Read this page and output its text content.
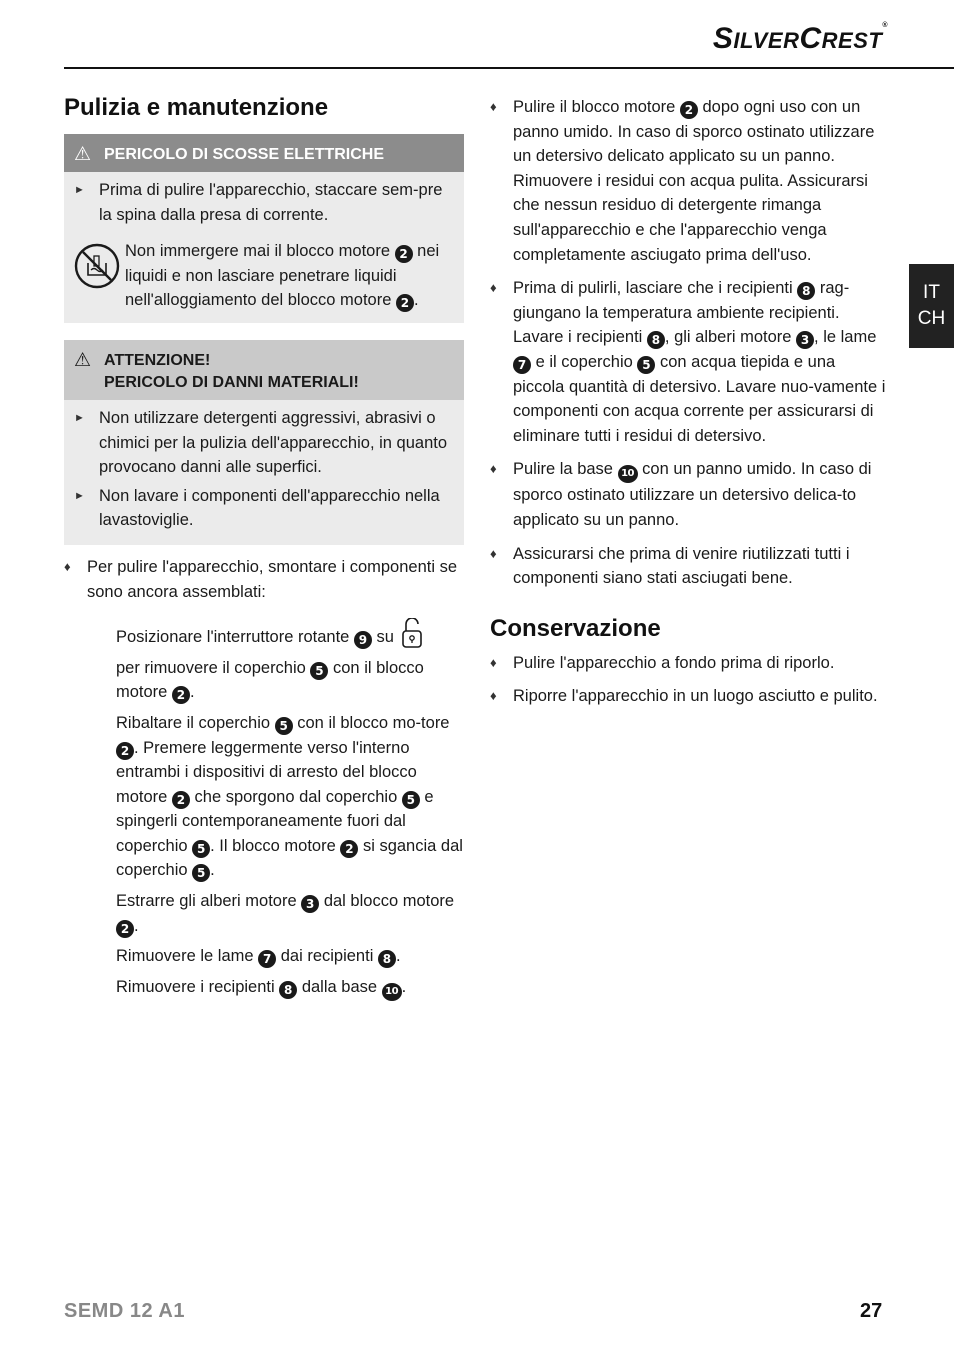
SILVERCREST®
IT
CH
Pulizia e manutenzione
⚠ PERICOLO DI SCOSSE ELETTRICHE
► Prima di pulire l'apparecchio, staccare sem-pre la spina dalla presa di corrente.
Non immergere mai il blocco motore 2 nei liquidi e non lasciare penetrare liquidi nell'alloggiamento del blocco motore 2 .
⚠ ATTENZIONE!
PERICOLO DI DANNI MATERIALI!
► Non utilizzare detergenti aggressivi, abrasivi o chimici per la pulizia dell'apparecchio, in quanto provocano danni alle superfici.
► Non lavare i componenti dell'apparecchio nella lavastoviglie.
♦ Per pulire l'apparecchio, smontare i componenti se sono ancora assemblati:

Posizionare l'interruttore rotante 9 su
per rimuovere il coperchio 5 con il blocco motore 2 .

Ribaltare il coperchio 5 con il blocco mo-tore 2 . Premere leggermente verso l'interno entrambi i dispositivi di arresto del blocco motore 2 che sporgono dal coperchio 5 e spingerli contemporaneamente fuori dal coperchio 5 . Il blocco motore 2 si sgancia dal coperchio 5 .

Estrarre gli alberi motore 3 dal blocco motore 2 .

Rimuovere le lame 7 dai recipienti 8 .

Rimuovere i recipienti 8 dalla base 10 .

♦ Pulire il blocco motore 2 dopo ogni uso con un panno umido. In caso di sporco ostinato utilizzare un detersivo delicato applicato su un panno. Rimuovere i residui con acqua pulita. Assicurarsi che nessun residuo di detergente rimanga sull'apparecchio e che l'apparecchio venga completamente asciugato prima dell'uso.
♦ Prima di pulirli, lasciare che i recipienti 8 rag-giungano la temperatura ambiente recipienti. Lavare i recipienti 8 , gli alberi motore 3 , le lame 7 e il coperchio 5 con acqua tiepida e una piccola quantità di detersivo. Lavare nuo-vamente i componenti con acqua corrente per assicurarsi di eliminare tutti i residui di detersivo.
♦ Pulire la base 10 con un panno umido. In caso di sporco ostinato utilizzare un detersivo delica-to applicato su un panno.
♦ Assicurarsi che prima di venire riutilizzati tutti i componenti siano stati asciugati bene.
Conservazione
♦ Pulire l'apparecchio a fondo prima di riporlo.
♦ Riporre l'apparecchio in un luogo asciutto e pulito.
SEMD 12 A1	27
